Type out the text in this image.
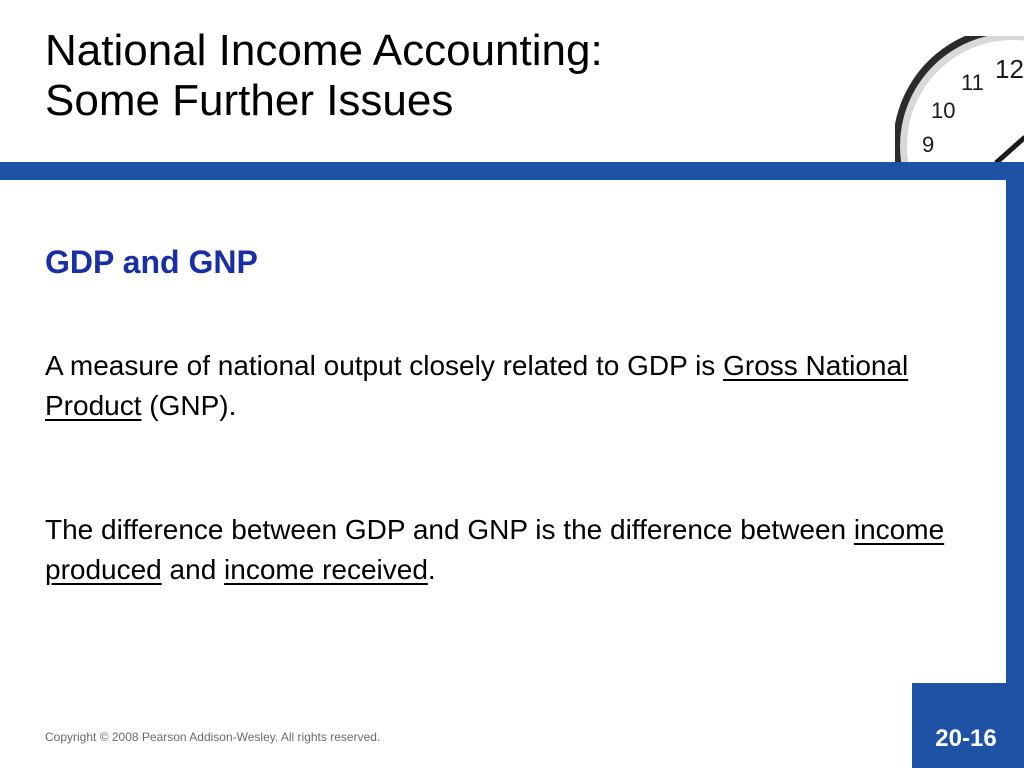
National Income Accounting:
Some Further Issues
12
11
10
9
GDP and GNP

A measure of national output closely related to GDP is Gross National Product (GNP).

The difference between GDP and GNP is the difference between income produced and income received.

Copyright © 2008 Pearson Addison-Wesley. All rights reserved.	20-16
